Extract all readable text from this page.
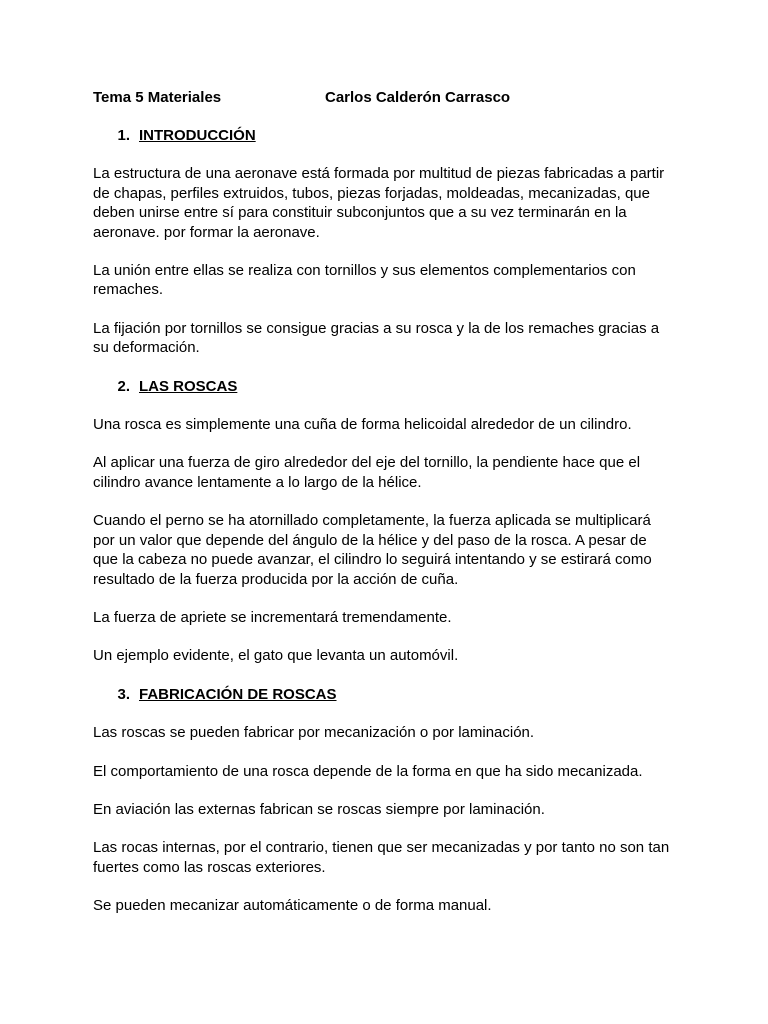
Tema 5 Materiales	Carlos Calderón Carrasco
1. INTRODUCCIÓN

La estructura de una aeronave está formada por multitud de piezas fabricadas a partir de chapas, perfiles extruidos, tubos, piezas forjadas, moldeadas, mecanizadas, que deben unirse entre sí para constituir subconjuntos que a su vez terminarán en la aeronave. por formar la aeronave.

La unión entre ellas se realiza con tornillos y sus elementos complementarios con remaches.

La fijación por tornillos se consigue gracias a su rosca y la de los remaches gracias a su deformación.

2. LAS ROSCAS

Una rosca es simplemente una cuña de forma helicoidal alrededor de un cilindro.

Al aplicar una fuerza de giro alrededor del eje del tornillo, la pendiente hace que el cilindro avance lentamente a lo largo de la hélice.

Cuando el perno se ha atornillado completamente, la fuerza aplicada se multiplicará por un valor que depende del ángulo de la hélice y del paso de la rosca. A pesar de que la cabeza no puede avanzar, el cilindro lo seguirá intentando y se estirará como resultado de la fuerza producida por la acción de cuña.

La fuerza de apriete se incrementará tremendamente.

Un ejemplo evidente, el gato que levanta un automóvil.

3. FABRICACIÓN DE ROSCAS

Las roscas se pueden fabricar por mecanización o por laminación.

El comportamiento de una rosca depende de la forma en que ha sido mecanizada.

En aviación las externas fabrican se roscas siempre por laminación.

Las rocas internas, por el contrario, tienen que ser mecanizadas y por tanto no son tan fuertes como las roscas exteriores.

Se pueden mecanizar automáticamente o de forma manual.
